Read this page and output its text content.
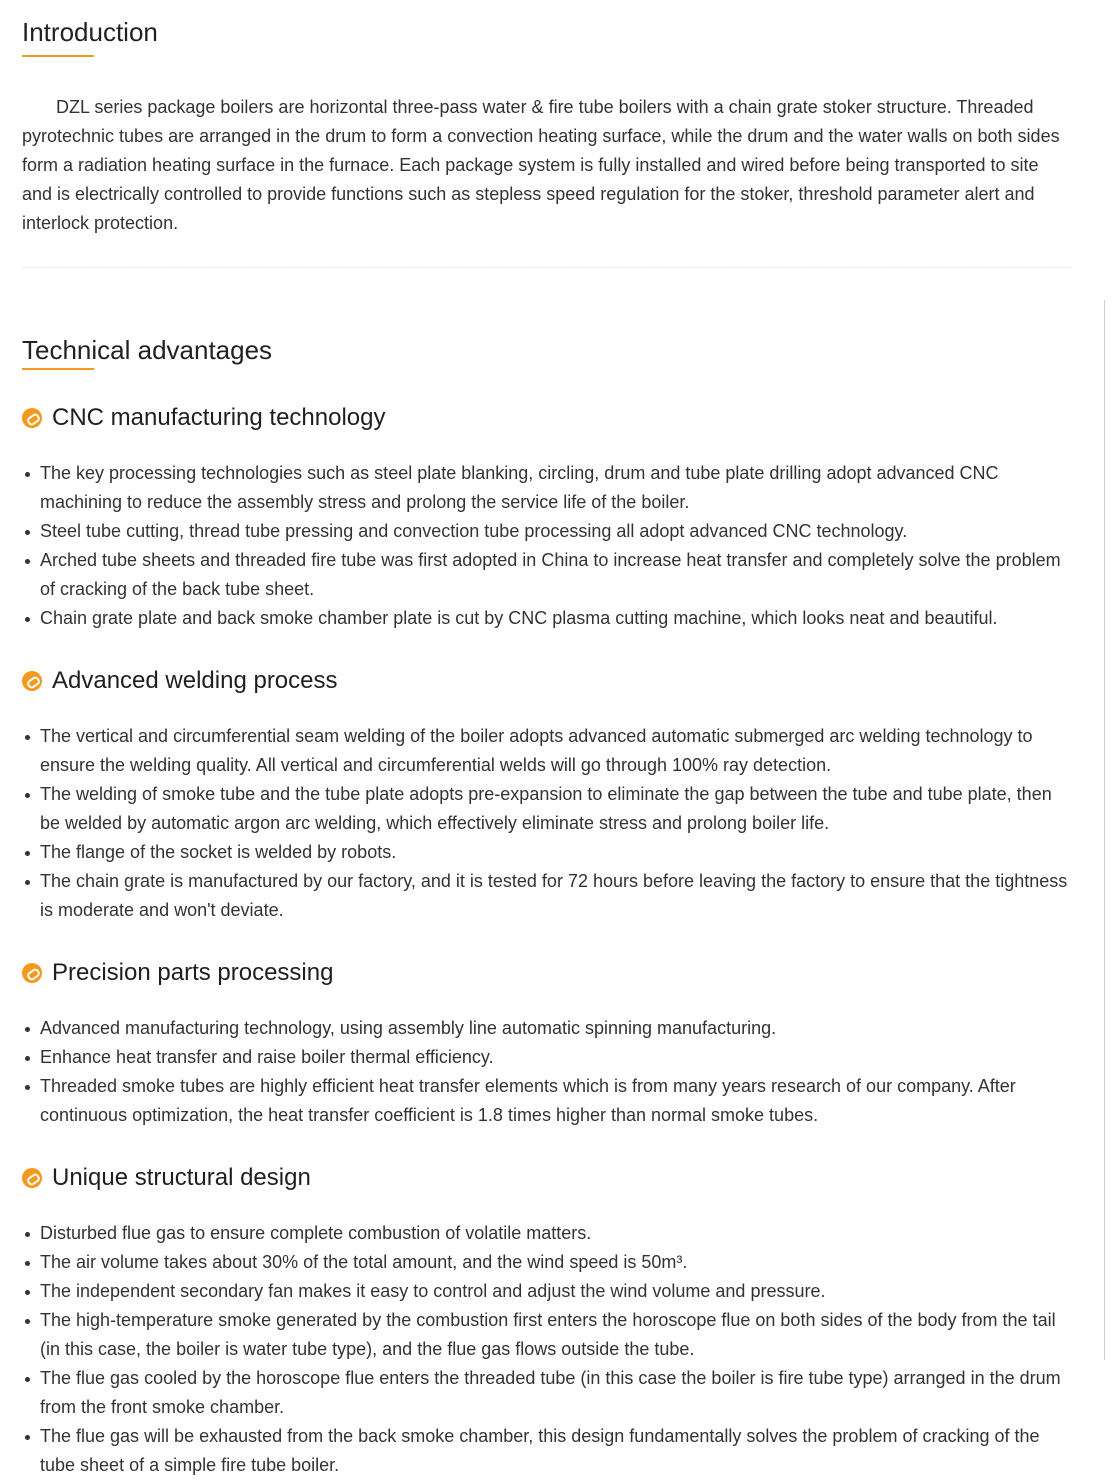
Introduction

DZL series package boilers are horizontal three-pass water & fire tube boilers with a chain grate stoker structure. Threaded pyrotechnic tubes are arranged in the drum to form a convection heating surface, while the drum and the water walls on both sides form a radiation heating surface in the furnace. Each package system is fully installed and wired before being transported to site and is electrically controlled to provide functions such as stepless speed regulation for the stoker, threshold parameter alert and interlock protection.

Technical advantages
CNC manufacturing technology
The key processing technologies such as steel plate blanking, circling, drum and tube plate drilling adopt advanced CNC machining to reduce the assembly stress and prolong the service life of the boiler.
Steel tube cutting, thread tube pressing and convection tube processing all adopt advanced CNC technology.
Arched tube sheets and threaded fire tube was first adopted in China to increase heat transfer and completely solve the problem of cracking of the back tube sheet.
Chain grate plate and back smoke chamber plate is cut by CNC plasma cutting machine, which looks neat and beautiful.
Advanced welding process
The vertical and circumferential seam welding of the boiler adopts advanced automatic submerged arc welding technology to ensure the welding quality. All vertical and circumferential welds will go through 100% ray detection.
The welding of smoke tube and the tube plate adopts pre-expansion to eliminate the gap between the tube and tube plate, then be welded by automatic argon arc welding, which effectively eliminate stress and prolong boiler life.
The flange of the socket is welded by robots.
The chain grate is manufactured by our factory, and it is tested for 72 hours before leaving the factory to ensure that the tightness is moderate and won't deviate.
Precision parts processing
Advanced manufacturing technology, using assembly line automatic spinning manufacturing.
Enhance heat transfer and raise boiler thermal efficiency.
Threaded smoke tubes are highly efficient heat transfer elements which is from many years research of our company. After continuous optimization, the heat transfer coefficient is 1.8 times higher than normal smoke tubes.
Unique structural design
Disturbed flue gas to ensure complete combustion of volatile matters.
The air volume takes about 30% of the total amount, and the wind speed is 50m³.
The independent secondary fan makes it easy to control and adjust the wind volume and pressure.
The high-temperature smoke generated by the combustion first enters the horoscope flue on both sides of the body from the tail (in this case, the boiler is water tube type), and the flue gas flows outside the tube.
The flue gas cooled by the horoscope flue enters the threaded tube (in this case the boiler is fire tube type) arranged in the drum from the front smoke chamber.
The flue gas will be exhausted from the back smoke chamber, this design fundamentally solves the problem of cracking of the tube sheet of a simple fire tube boiler.
